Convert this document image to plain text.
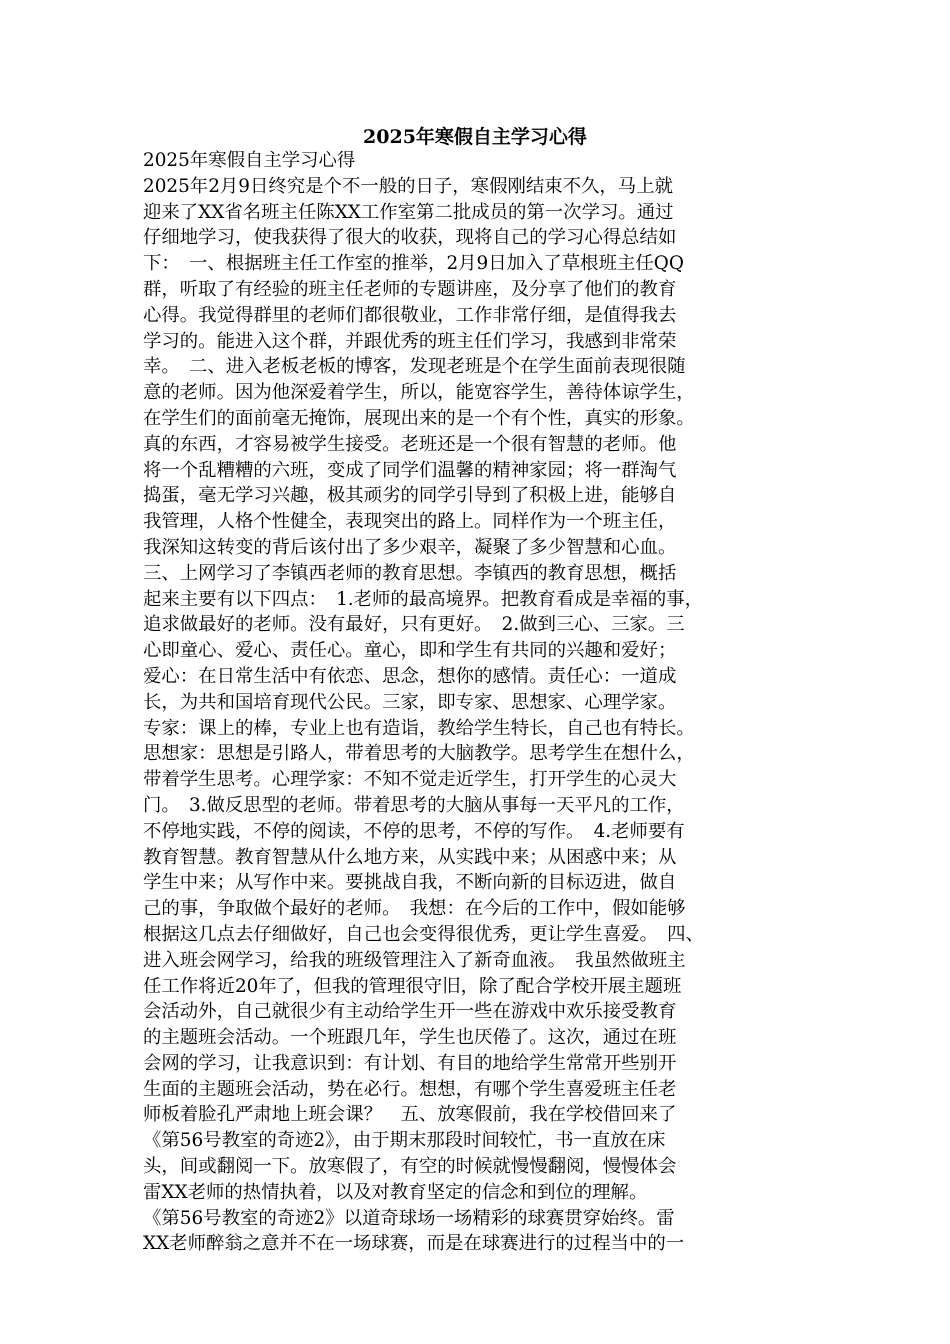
2025年寒假自主学习心得
2025年寒假自主学习心得
2025年2月9日终究是个不一般的日子，寒假刚结束不久，马上就
迎来了XX省名班主任陈XX工作室第二批成员的第一次学习。通过
仔细地学习，使我获得了很大的收获，现将自己的学习心得总结如
下：　一、根据班主任工作室的推举，2月9日加入了草根班主任QQ
群，听取了有经验的班主任老师的专题讲座，及分享了他们的教育
心得。我觉得群里的老师们都很敬业，工作非常仔细，是值得我去
学习的。能进入这个群，并跟优秀的班主任们学习，我感到非常荣
幸。　二、进入老板老板的博客，发现老班是个在学生面前表现很随
意的老师。因为他深爱着学生，所以，能宽容学生，善待体谅学生，
在学生们的面前毫无掩饰，展现出来的是一个有个性，真实的形象。
真的东西，才容易被学生接受。老班还是一个很有智慧的老师。他
将一个乱糟糟的六班，变成了同学们温馨的精神家园；将一群淘气
捣蛋，毫无学习兴趣，极其顽劣的同学引导到了积极上进，能够自
我管理，人格个性健全，表现突出的路上。同样作为一个班主任，
我深知这转变的背后该付出了多少艰辛，凝聚了多少智慧和心血。
三、上网学习了李镇西老师的教育思想。李镇西的教育思想，概括
起来主要有以下四点：　1.老师的最高境界。把教育看成是幸福的事，
追求做最好的老师。没有最好，只有更好。　2.做到三心、三家。三
心即童心、爱心、责任心。童心，即和学生有共同的兴趣和爱好；
爱心：在日常生活中有依恋、思念，想你的感情。责任心：一道成
长，为共和国培育现代公民。三家，即专家、思想家、心理学家。
专家：课上的棒，专业上也有造诣，教给学生特长，自己也有特长。
思想家：思想是引路人，带着思考的大脑教学。思考学生在想什么，
带着学生思考。心理学家：不知不觉走近学生，打开学生的心灵大
门。　3.做反思型的老师。带着思考的大脑从事每一天平凡的工作，
不停地实践，不停的阅读，不停的思考，不停的写作。　4.老师要有
教育智慧。教育智慧从什么地方来，从实践中来；从困惑中来；从
学生中来；从写作中来。要挑战自我，不断向新的目标迈进，做自
己的事，争取做个最好的老师。　我想：在今后的工作中，假如能够
根据这几点去仔细做好，自己也会变得很优秀，更让学生喜爱。　四、
进入班会网学习，给我的班级管理注入了新奇血液。　我虽然做班主
任工作将近20年了，但我的管理很守旧，除了配合学校开展主题班
会活动外，自己就很少有主动给学生开一些在游戏中欢乐接受教育
的主题班会活动。一个班跟几年，学生也厌倦了。这次，通过在班
会网的学习，让我意识到：有计划、有目的地给学生常常开些别开
生面的主题班会活动，势在必行。想想，有哪个学生喜爱班主任老
师板着脸孔严肃地上班会课？　五、放寒假前，我在学校借回来了
《第56号教室的奇迹2》，由于期末那段时间较忙，书一直放在床
头，间或翻阅一下。放寒假了，有空的时候就慢慢翻阅，慢慢体会
雷XX老师的热情执着，以及对教育坚定的信念和到位的理解。
《第56号教室的奇迹2》以道奇球场一场精彩的球赛贯穿始终。雷
XX老师醉翁之意并不在一场球赛，而是在球赛进行的过程当中的一
